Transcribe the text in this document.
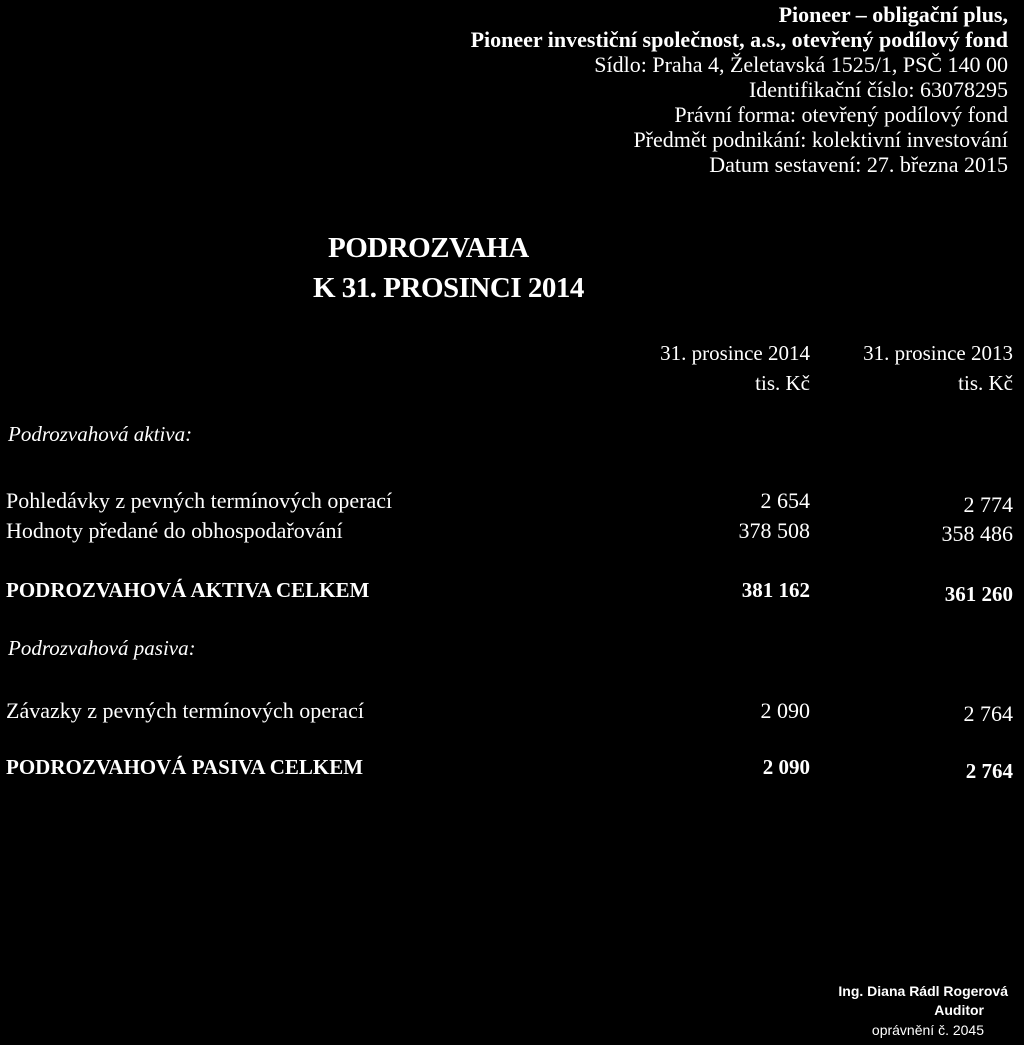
Pioneer – obligační plus,
Pioneer investiční společnost, a.s., otevřený podílový fond
Sídlo: Praha 4, Želetavská 1525/1, PSČ 140 00
Identifikační číslo: 63078295
Právní forma: otevřený podílový fond
Předmět podnikání: kolektivní investování
Datum sestavení: 27. března 2015
PODROZVAHA
K 31. PROSINCI 2014
31. prosince 2014
tis. Kč
31. prosince 2013
tis. Kč
Podrozvahová aktiva:
Pohledávky z pevných termínových operací	2 654	2 774
Hodnoty předané do obhospodařování	378 508	358 486
PODROZVAHOVÁ AKTIVA CELKEM	381 162	361 260
Podrozvahová pasiva:
Závazky z pevných termínových operací	2 090	2 764
PODROZVAHOVÁ PASIVA CELKEM	2 090	2 764
Ing. Diana Rádl Rogerová
Auditor
oprávnění č. 2045
